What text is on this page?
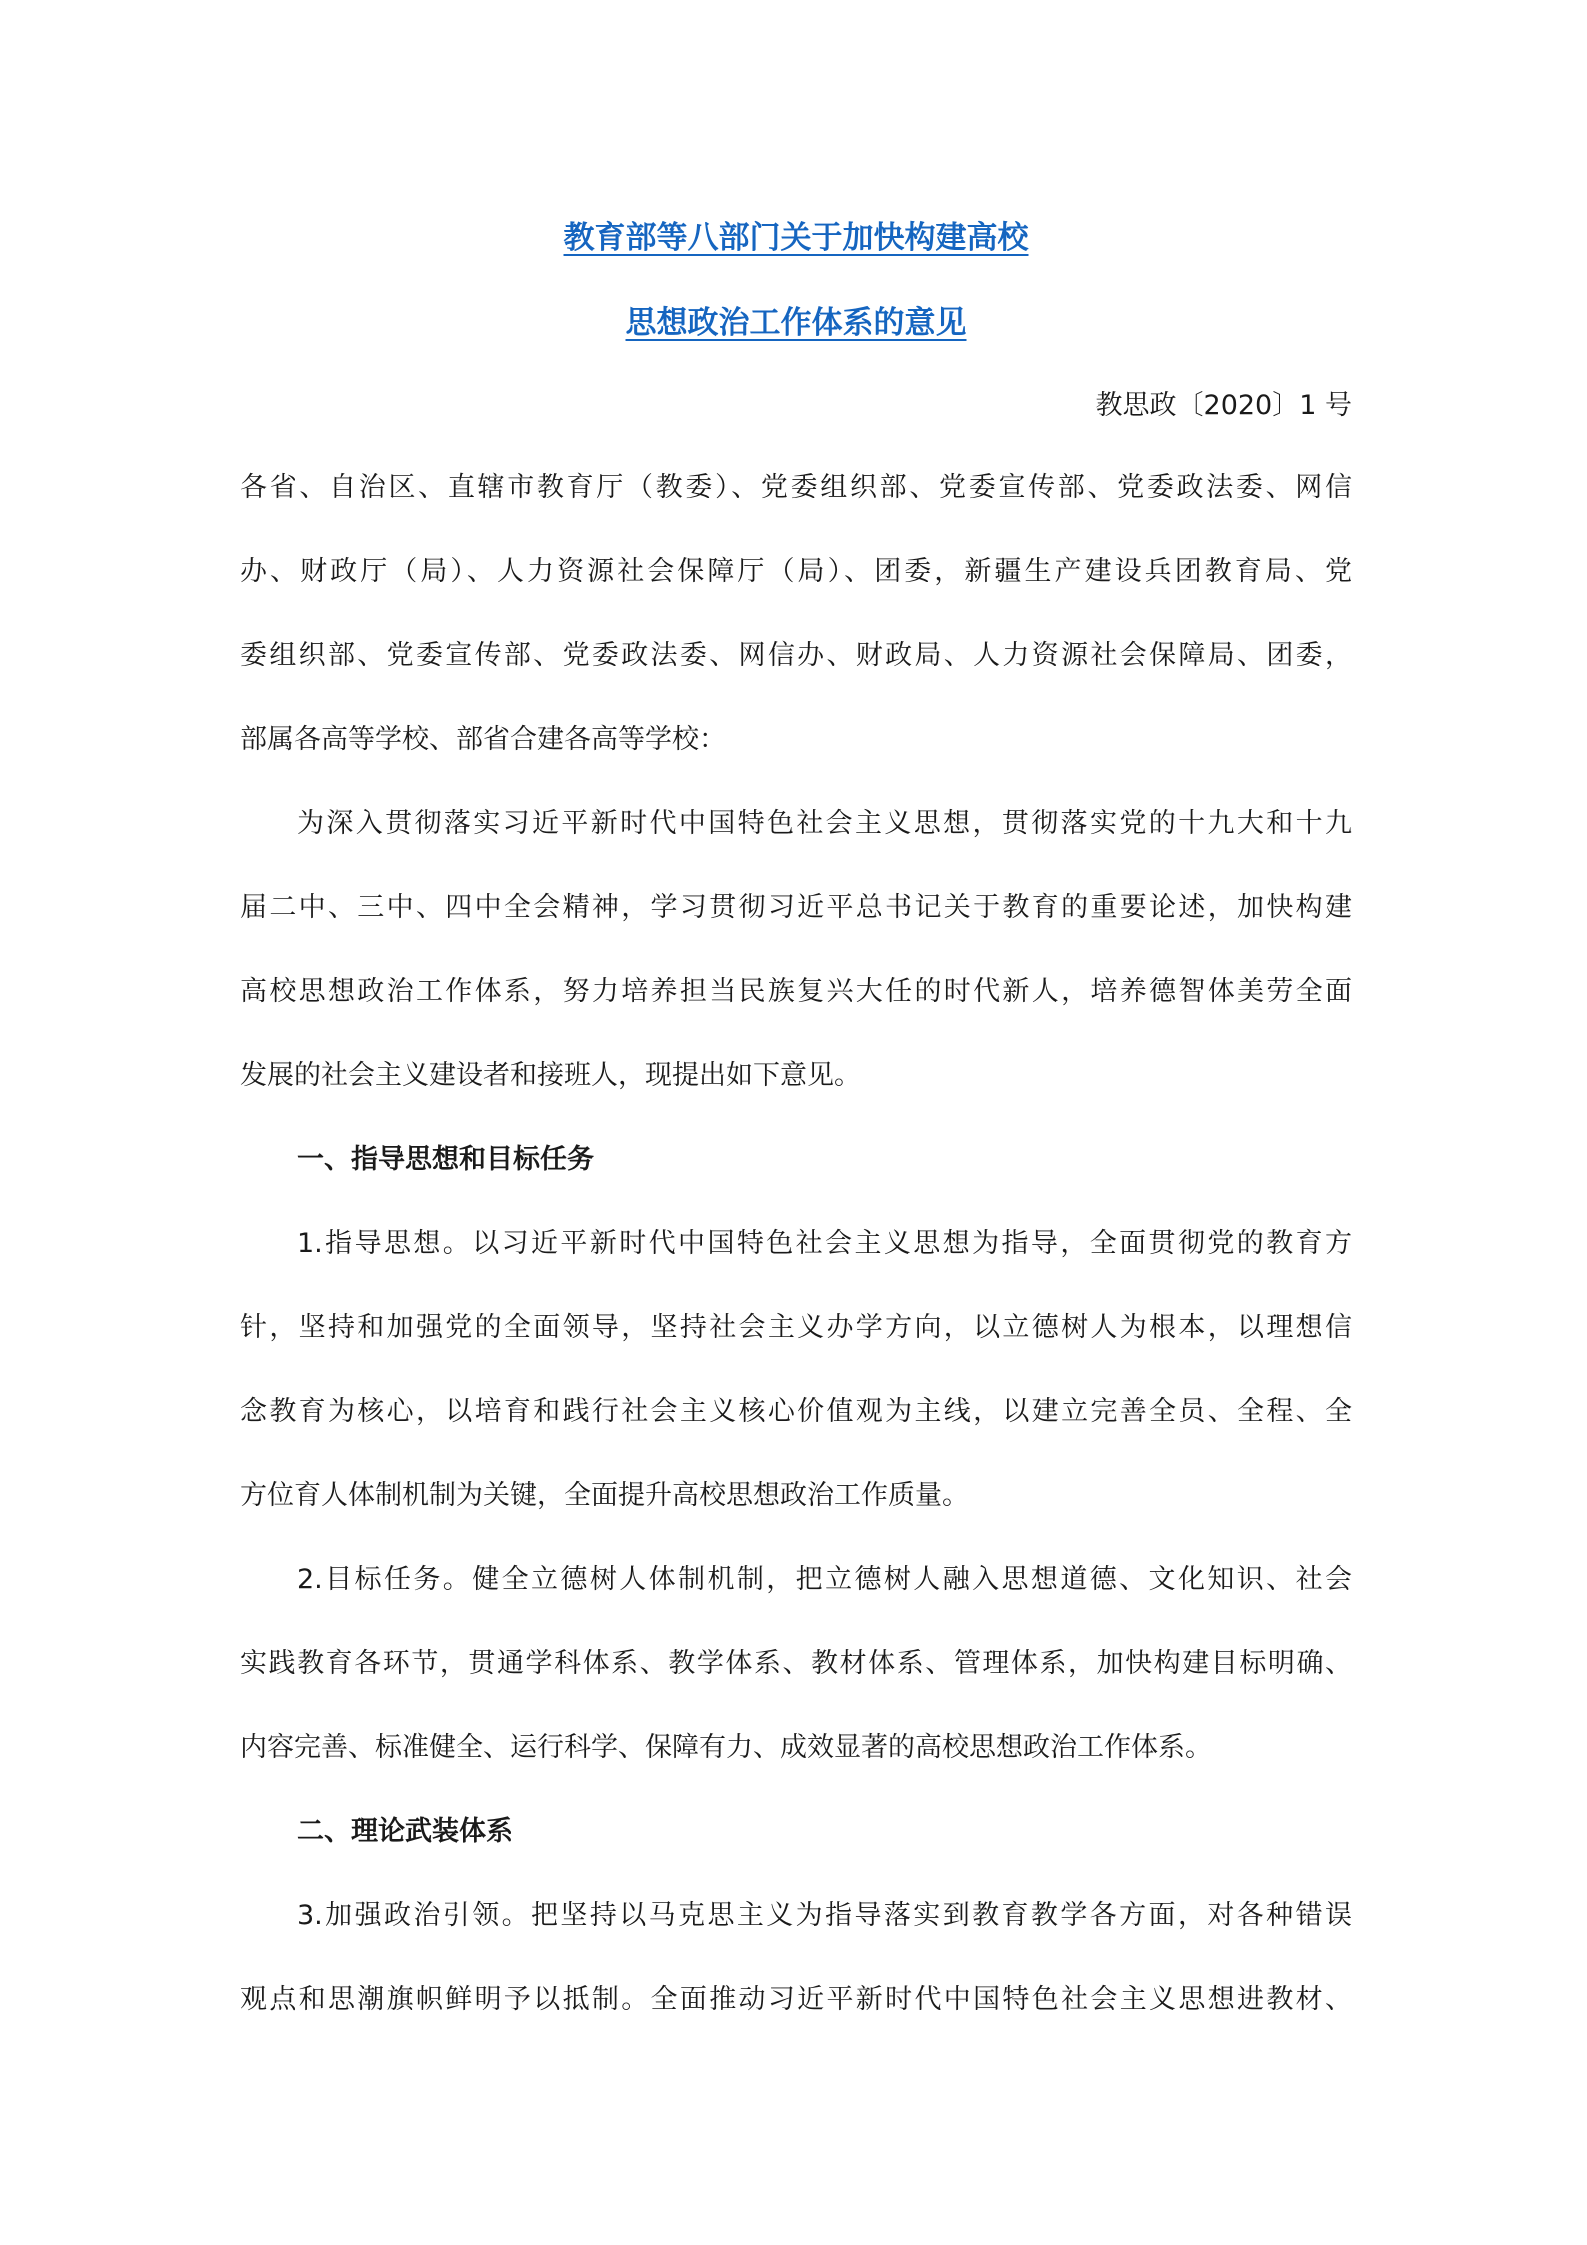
教育部等八部门关于加快构建高校
思想政治工作体系的意见
教思政〔2020〕1 号
各省、自治区、直辖市教育厅（教委）、党委组织部、党委宣传部、党委政法委、网信
办、财政厅（局）、人力资源社会保障厅（局）、团委，新疆生产建设兵团教育局、党
委组织部、党委宣传部、党委政法委、网信办、财政局、人力资源社会保障局、团委，
部属各高等学校、部省合建各高等学校：
为深入贯彻落实习近平新时代中国特色社会主义思想，贯彻落实党的十九大和十九
届二中、三中、四中全会精神，学习贯彻习近平总书记关于教育的重要论述，加快构建
高校思想政治工作体系，努力培养担当民族复兴大任的时代新人，培养德智体美劳全面
发展的社会主义建设者和接班人，现提出如下意见。
一、指导思想和目标任务
1.指导思想。以习近平新时代中国特色社会主义思想为指导，全面贯彻党的教育方
针，坚持和加强党的全面领导，坚持社会主义办学方向，以立德树人为根本，以理想信
念教育为核心，以培育和践行社会主义核心价值观为主线，以建立完善全员、全程、全
方位育人体制机制为关键，全面提升高校思想政治工作质量。
2.目标任务。健全立德树人体制机制，把立德树人融入思想道德、文化知识、社会
实践教育各环节，贯通学科体系、教学体系、教材体系、管理体系，加快构建目标明确、
内容完善、标准健全、运行科学、保障有力、成效显著的高校思想政治工作体系。
二、理论武装体系
3.加强政治引领。把坚持以马克思主义为指导落实到教育教学各方面，对各种错误
观点和思潮旗帜鲜明予以抵制。全面推动习近平新时代中国特色社会主义思想进教材、
